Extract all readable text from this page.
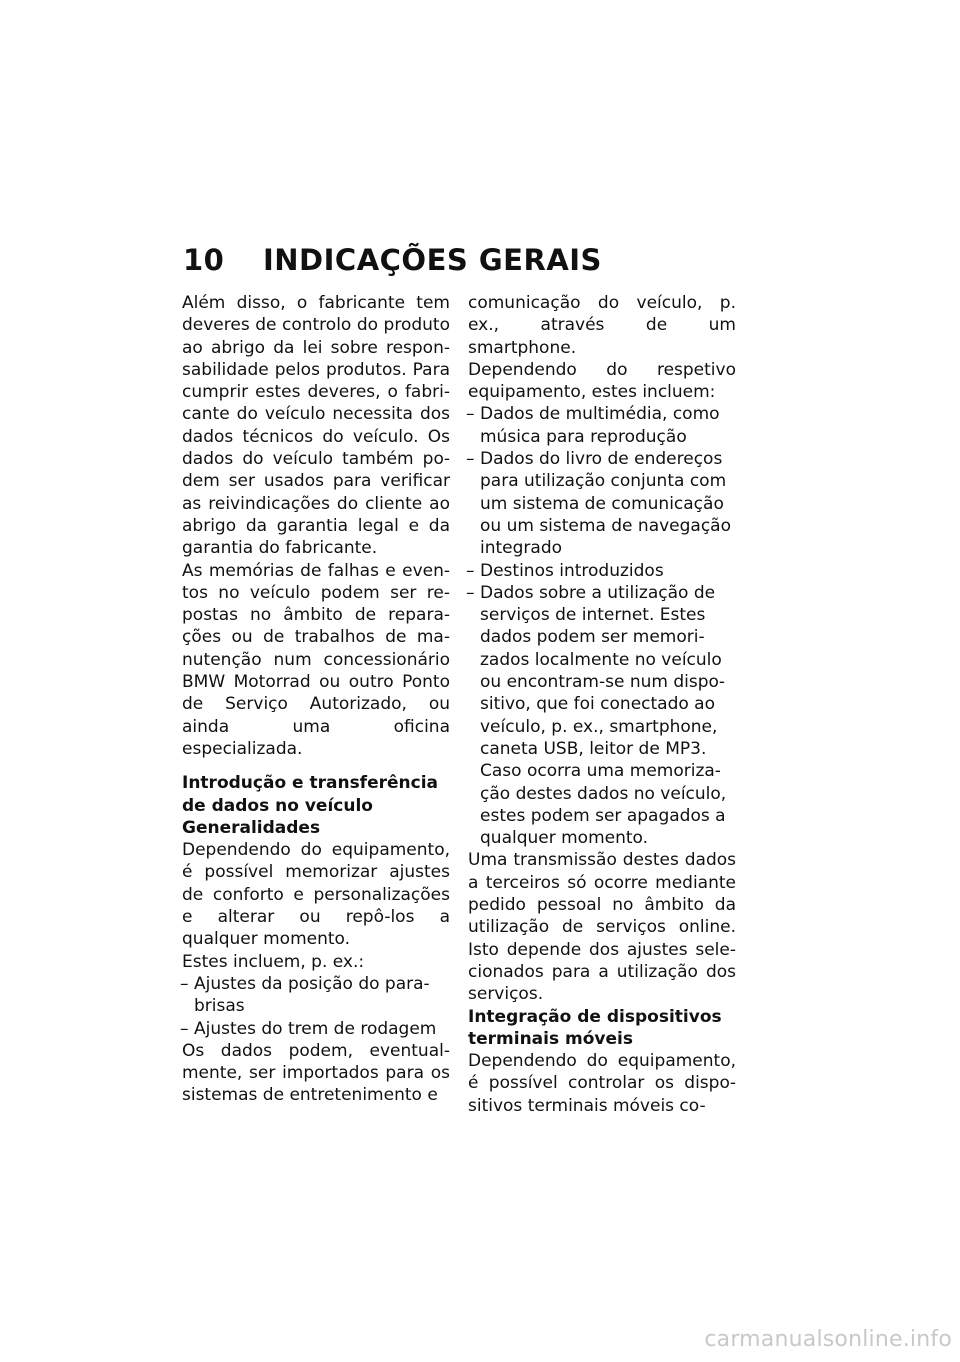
10	INDICAÇÕES GERAIS

Além disso, o fabricante tem deveres de controlo do produto ao abrigo da lei sobre responsabilidade pelos produtos. Para cumprir estes deveres, o fabricante do veículo necessita dos dados técnicos do veículo. Os dados do veículo também podem ser usados para verificar as reivindicações do cliente ao abrigo da garantia legal e da garantia do fabricante.

As memórias de falhas e eventos no veículo podem ser repostas no âmbito de reparações ou de trabalhos de manutenção num concessionário BMW Motorrad ou outro Ponto de Serviço Autorizado, ou ainda uma oficina especializada.

Introdução e transferência de dados no veículo
Generalidades

Dependendo do equipamento, é possível memorizar ajustes de conforto e personalizações e alterar ou repô-los a qualquer momento.

Estes incluem, p. ex.:

– Ajustes da posição do parabrisas
– Ajustes do trem de rodagem

Os dados podem, eventualmente, ser importados para os sistemas de entretenimento e

comunicação do veículo, p. ex., através de um smartphone.

Dependendo do respetivo equipamento, estes incluem:

– Dados de multimédia, como música para reprodução
– Dados do livro de endereços para utilização conjunta com um sistema de comunicação ou um sistema de navegação integrado
– Destinos introduzidos
– Dados sobre a utilização de serviços de internet. Estes dados podem ser memorizados localmente no veículo ou encontram-se num dispositivo, que foi conectado ao veículo, p. ex., smartphone, caneta USB, leitor de MP3. Caso ocorra uma memorização destes dados no veículo, estes podem ser apagados a qualquer momento.

Uma transmissão destes dados a terceiros só ocorre mediante pedido pessoal no âmbito da utilização de serviços online. Isto depende dos ajustes selecionados para a utilização dos serviços.

Integração de dispositivos terminais móveis

Dependendo do equipamento, é possível controlar os dispositivos terminais móveis co-

carmanualsonline.info
